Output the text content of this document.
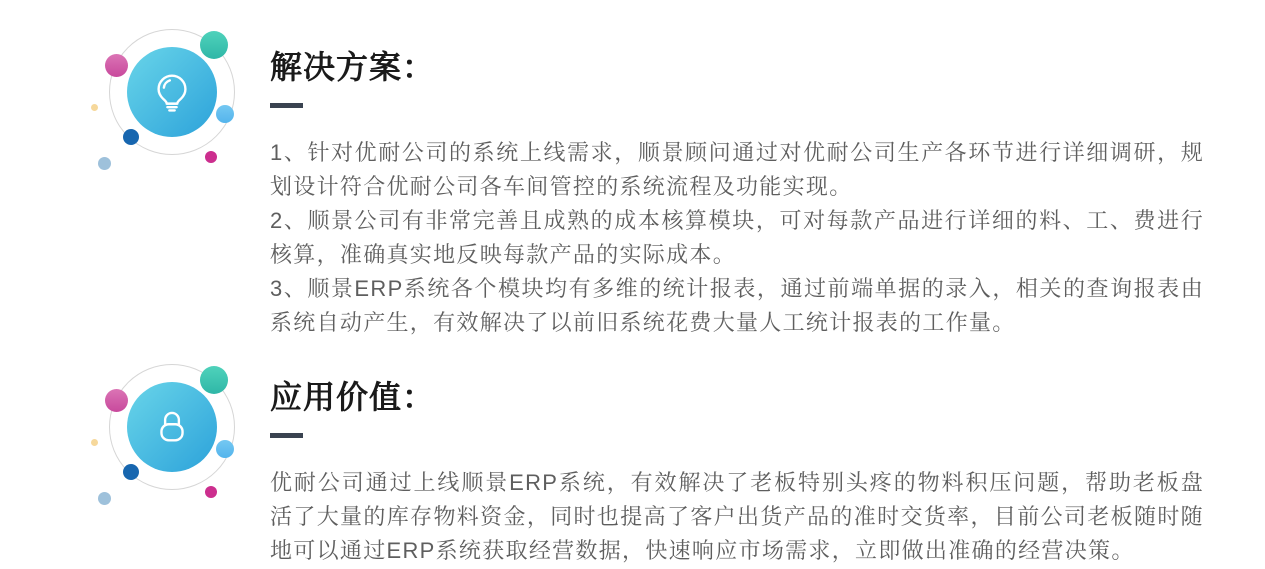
解决方案：

1、针对优耐公司的系统上线需求，顺景顾问通过对优耐公司生产各环节进行详细调研，规划设计符合优耐公司各车间管控的系统流程及功能实现。

2、顺景公司有非常完善且成熟的成本核算模块，可对每款产品进行详细的料、工、费进行核算，准确真实地反映每款产品的实际成本。

3、顺景ERP系统各个模块均有多维的统计报表，通过前端单据的录入，相关的查询报表由系统自动产生，有效解决了以前旧系统花费大量人工统计报表的工作量。

应用价值：

优耐公司通过上线顺景ERP系统，有效解决了老板特别头疼的物料积压问题，帮助老板盘活了大量的库存物料资金，同时也提高了客户出货产品的准时交货率，目前公司老板随时随地可以通过ERP系统获取经营数据，快速响应市场需求，立即做出准确的经营决策。
